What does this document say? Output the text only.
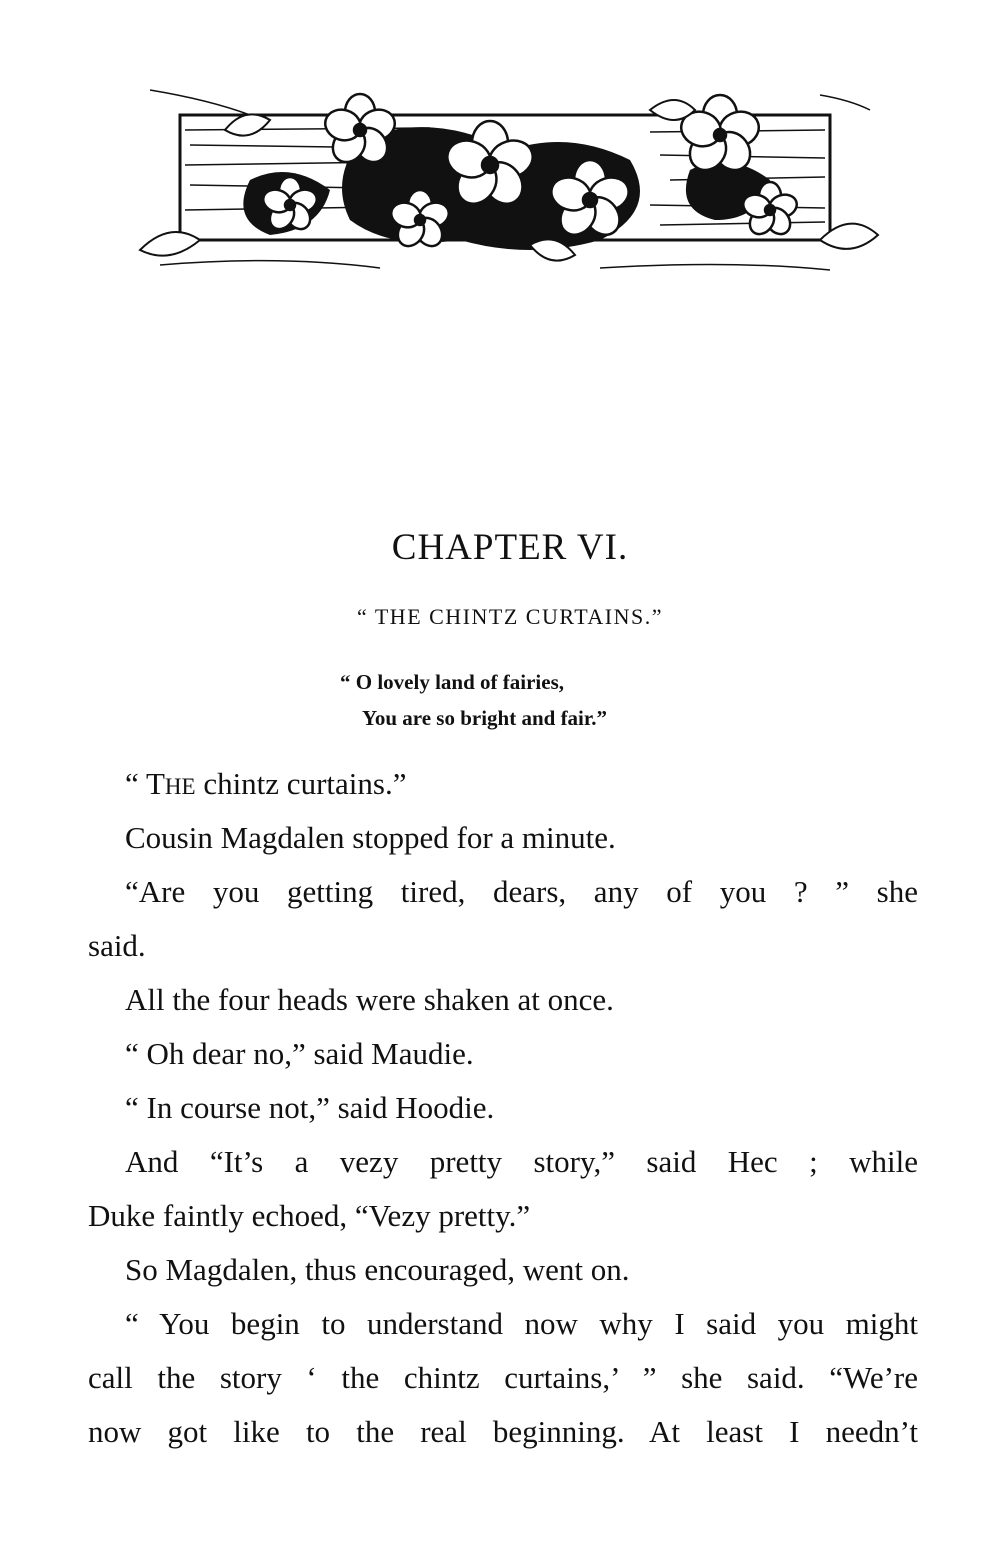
CHAPTER VI.
“ THE CHINTZ CURTAINS.”
“ O lovely land of fairies,
You are so bright and fair.”
“ THE chintz curtains.”
Cousin Magdalen stopped for a minute.
“Are you getting tired, dears, any of you ? ” she
said.
All the four heads were shaken at once.
“ Oh dear no,” said Maudie.
“ In course not,” said Hoodie.
And “It’s a vezy pretty story,” said Hec ; while
Duke faintly echoed, “Vezy pretty.”
So Magdalen, thus encouraged, went on.
“ You begin to understand now why I said you might
call the story ‘ the chintz curtains,’ ” she said. “We’re
now got like to the real beginning. At least I needn’t
